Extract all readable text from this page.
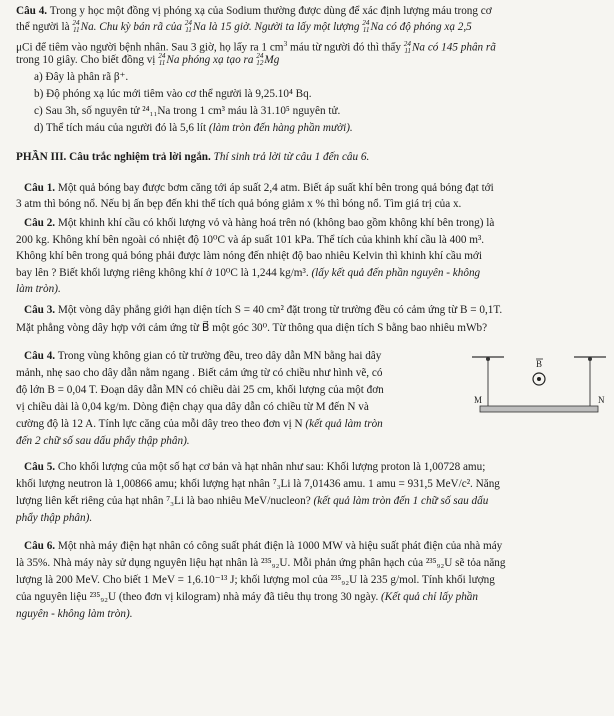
Câu 4. Trong y học một đồng vị phóng xạ của Sodium thường được dùng để xác định lượng máu trong cơ
thể người là 24
11 Na. Chu kỳ bán rã của 24
11 Na là 15 giờ. Người ta lấy một lượng 24
11 Na có độ phóng xạ 2,5
μCi để tiêm vào người bệnh nhân. Sau 3 giờ, họ lấy ra 1 $cm^3$ máu từ người đó thì thấy 24
11 Na có 145 phân rã
trong 10 giây. Cho biết đồng vị 24
11 Na phóng xạ tạo ra 24
12 Mg
a) Đây là phân rã β⁺.
b) Độ phóng xạ lúc mới tiêm vào cơ thể người là 9,25.10⁴ Bq.
c) Sau 3h, số nguyên tử ²⁴₁₁Na trong 1 cm³ máu là 31.10⁵ nguyên tử.
d) Thể tích máu của người đó là 5,6 lít (làm tròn đến hàng phần mười).
PHẦN III. Câu trắc nghiệm trả lời ngắn. Thí sinh trả lời từ câu 1 đến câu 6.
Câu 1. Một quả bóng bay được bơm căng tới áp suất 2,4 atm. Biết áp suất khí bên trong quả bóng đạt tới
3 atm thì bóng nổ. Nếu bị ấn bẹp đến khi thể tích quả bóng giảm x % thì bóng nổ. Tìm giá trị của x.
Câu 2. Một khinh khí cầu có khối lượng vỏ và hàng hoá trên nó (không bao gồm không khí bên trong) là
200 kg. Không khí bên ngoài có nhiệt độ 10⁰C và áp suất 101 kPa. Thể tích của khinh khí cầu là 400 m³.
Không khí bên trong quả bóng phải được làm nóng đến nhiệt độ bao nhiêu Kelvin thì khinh khí cầu mới
bay lên ? Biết khối lượng riêng không khí ở 10⁰C là 1,244 kg/m³. (lấy kết quả đến phần nguyên - không
làm tròn).
Câu 3. Một vòng dây phẳng giới hạn diện tích S = 40 cm² đặt trong từ trường đều có cảm ứng từ B = 0,1T.
Mặt phẳng vòng dây hợp với cảm ứng từ B⃗ một góc 30⁰. Từ thông qua diện tích S bằng bao nhiêu mWb?
Câu 4. Trong vùng không gian có từ trường đều, treo dây dẫn MN bằng hai dây
mảnh, nhẹ sao cho dây dẫn nằm ngang . Biết cảm ứng từ có chiều như hình vẽ, có
độ lớn B = 0,04 T. Đoạn dây dẫn MN có chiều dài 25 cm, khối lượng của một đơn
vị chiều dài là 0,04 kg/m. Dòng điện chạy qua dây dẫn có chiều từ M đến N và
cường độ là 12 A. Tính lực căng của mỗi dây treo theo đơn vị N (kết quả làm tròn
đến 2 chữ số sau dấu phẩy thập phân).
B
M	N
Câu 5. Cho khối lượng của một số hạt cơ bản và hạt nhân như sau: Khối lượng proton là 1,00728 amu;
khối lượng neutron là 1,00866 amu; khối lượng hạt nhân ⁷₃Li là 7,01436 amu. 1 amu = 931,5 MeV/c². Năng
lượng liên kết riêng của hạt nhân ⁷₃Li là bao nhiêu MeV/nucleon? (kết quả làm tròn đến 1 chữ số sau dấu
phẩy thập phân).
Câu 6. Một nhà máy điện hạt nhân có công suất phát điện là 1000 MW và hiệu suất phát điện của nhà máy
là 35%. Nhà máy này sử dụng nguyên liệu hạt nhân là ²³⁵₉₂U. Mỗi phản ứng phân hạch của ²³⁵₉₂U sẽ tỏa năng
lượng là 200 MeV. Cho biết 1 MeV = 1,6.10⁻¹³ J; khối lượng mol của ²³⁵₉₂U là 235 g/mol. Tính khối lượng
của nguyên liệu ²³⁵₉₂U (theo đơn vị kilogram) nhà máy đã tiêu thụ trong 30 ngày. (Kết quả chỉ lấy phần
nguyên - không làm tròn).
